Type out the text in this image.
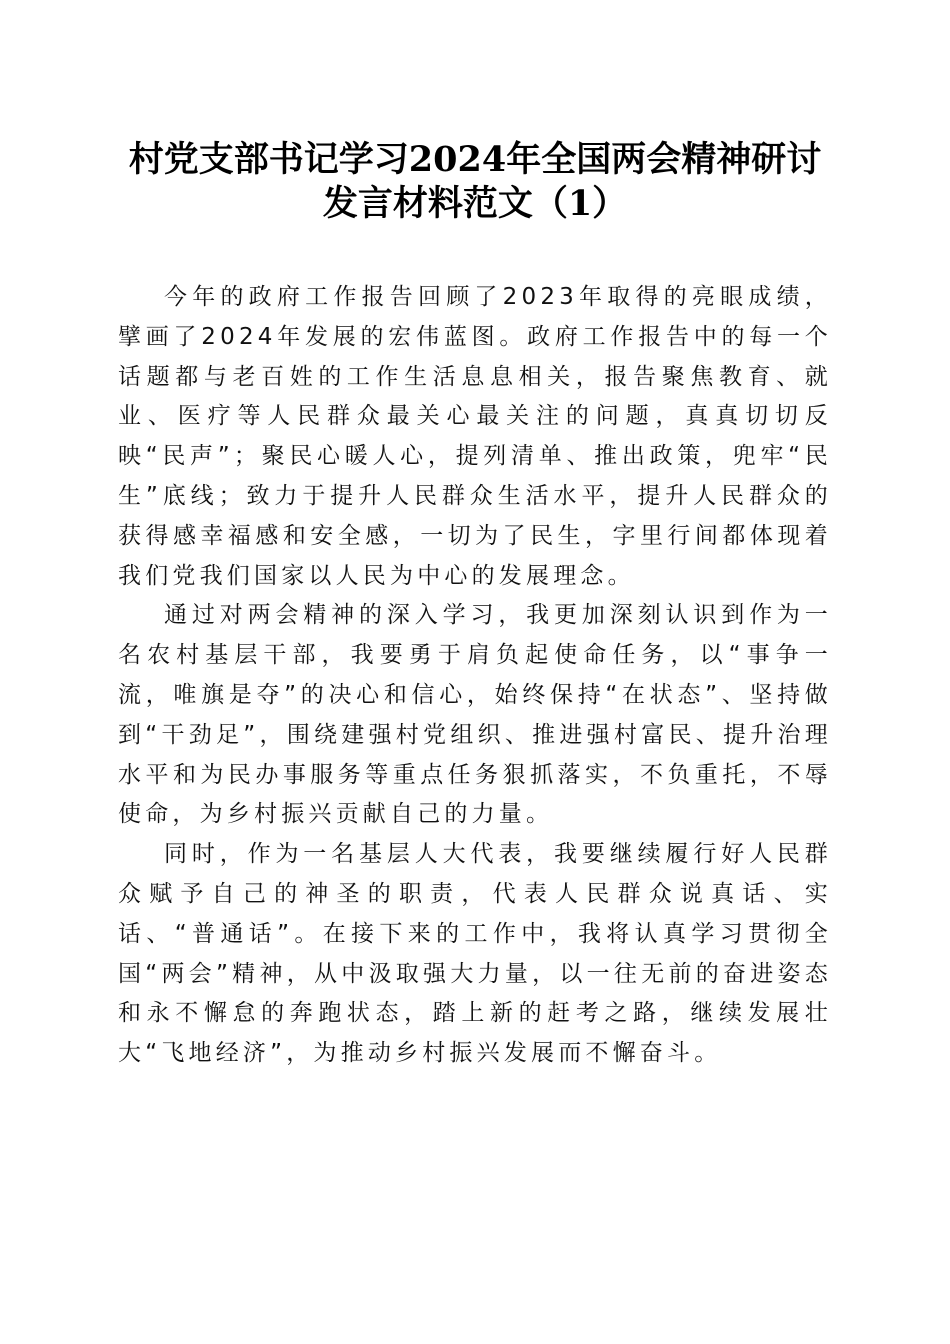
村党支部书记学习2024年全国两会精神研讨
发言材料范文（1）

今年的政府工作报告回顾了2023年取得的亮眼成绩，擘画了2024年发展的宏伟蓝图。政府工作报告中的每一个话题都与老百姓的工作生活息息相关，报告聚焦教育、就业、医疗等人民群众最关心最关注的问题，真真切切反映“民声”；聚民心暖人心，提列清单、推出政策，兜牢“民生”底线；致力于提升人民群众生活水平，提升人民群众的获得感幸福感和安全感，一切为了民生，字里行间都体现着我们党我们国家以人民为中心的发展理念。

通过对两会精神的深入学习，我更加深刻认识到作为一名农村基层干部，我要勇于肩负起使命任务，以“事争一流，唯旗是夺”的决心和信心，始终保持“在状态”、坚持做到“干劲足”，围绕建强村党组织、推进强村富民、提升治理水平和为民办事服务等重点任务狠抓落实，不负重托，不辱使命，为乡村振兴贡献自己的力量。

同时，作为一名基层人大代表，我要继续履行好人民群众赋予自己的神圣的职责，代表人民群众说真话、实话、“普通话”。在接下来的工作中，我将认真学习贯彻全国“两会”精神，从中汲取强大力量，以一往无前的奋进姿态和永不懈怠的奔跑状态，踏上新的赶考之路，继续发展壮大“飞地经济”，为推动乡村振兴发展而不懈奋斗。
